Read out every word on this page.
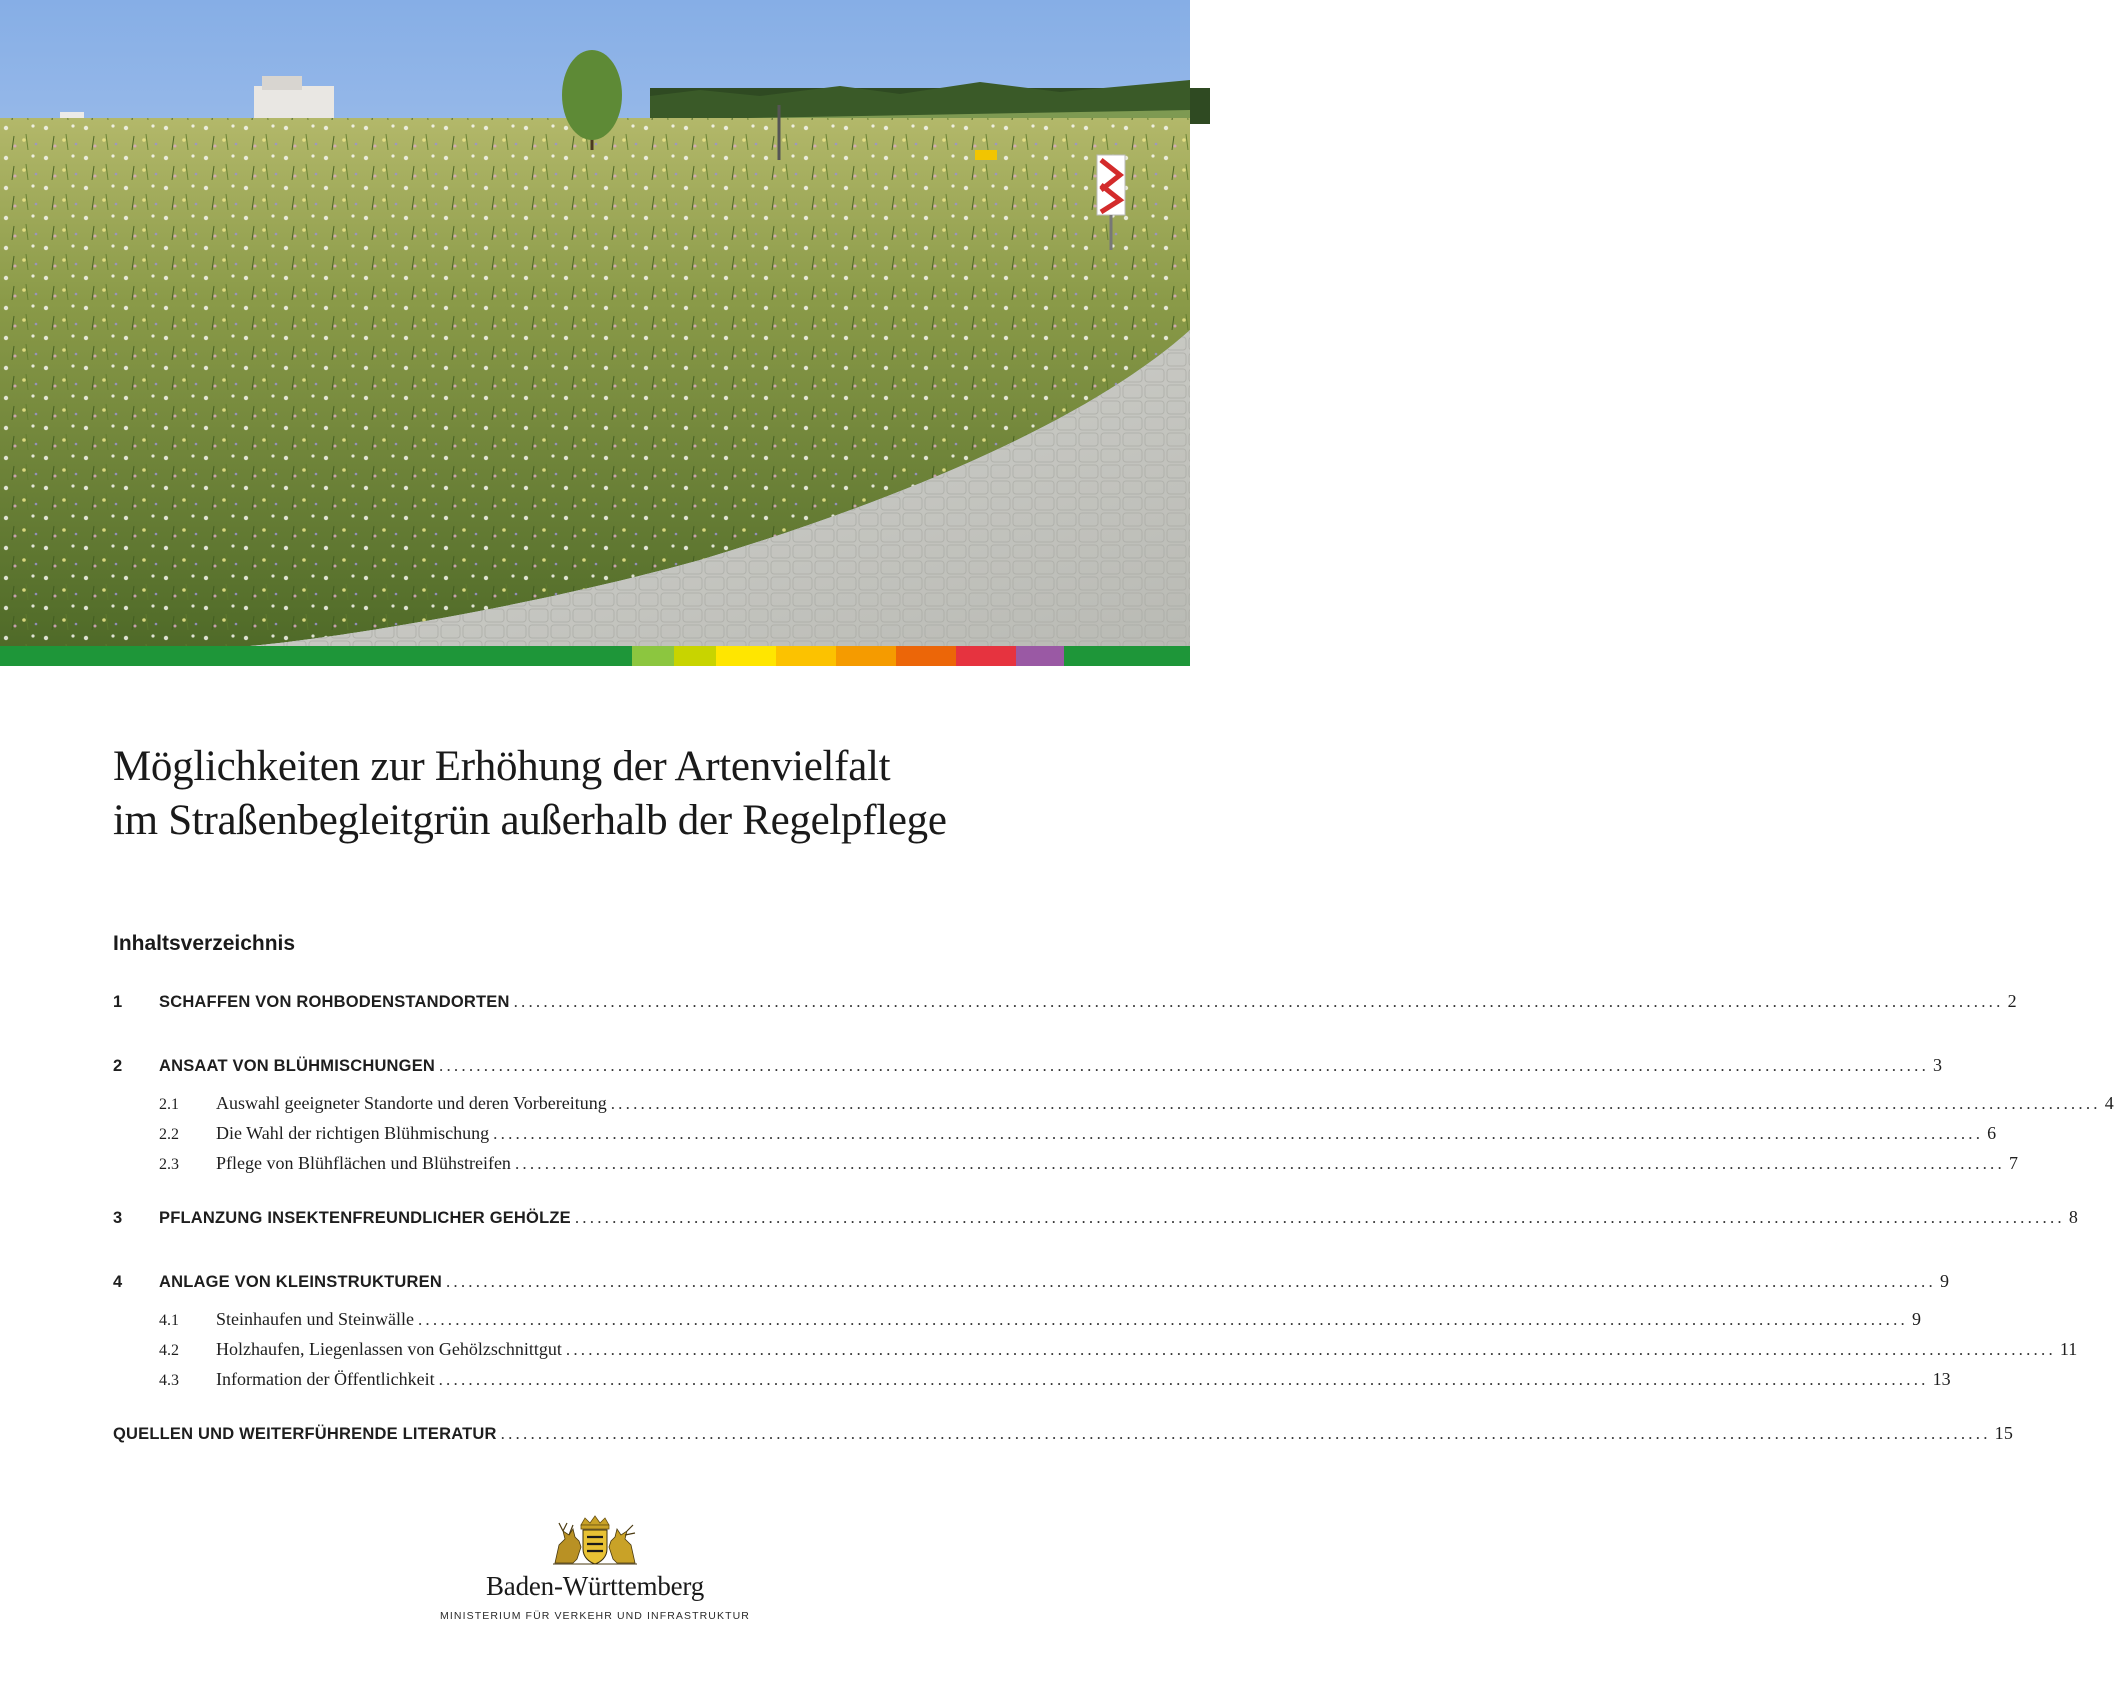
Möglichkeiten zur Erhöhung der Artenvielfalt
im Straßenbegleitgrün außerhalb der Regelpflege
Inhaltsverzeichnis
1	SCHAFFEN VON ROHBODENSTANDORTEN ........................................................................................................................................................................................................ 2
2	ANSAAT VON BLÜHMISCHUNGEN ........................................................................................................................................................................................................ 3
2.1	Auswahl geeigneter Standorte und deren Vorbereitung ........................................................................................................................................................................................................ 4
2.2	Die Wahl der richtigen Blühmischung ........................................................................................................................................................................................................ 6
2.3	Pflege von Blühflächen und Blühstreifen ........................................................................................................................................................................................................ 7
3	PFLANZUNG INSEKTENFREUNDLICHER GEHÖLZE ........................................................................................................................................................................................................ 8
4	ANLAGE VON KLEINSTRUKTUREN ........................................................................................................................................................................................................ 9
4.1	Steinhaufen und Steinwälle ........................................................................................................................................................................................................ 9
4.2	Holzhaufen, Liegenlassen von Gehölzschnittgut ........................................................................................................................................................................................................ 11
4.3	Information der Öffentlichkeit ........................................................................................................................................................................................................ 13
QUELLEN UND WEITERFÜHRENDE LITERATUR ........................................................................................................................................................................................................ 15
Baden-Württemberg
MINISTERIUM FÜR VERKEHR UND INFRASTRUKTUR
